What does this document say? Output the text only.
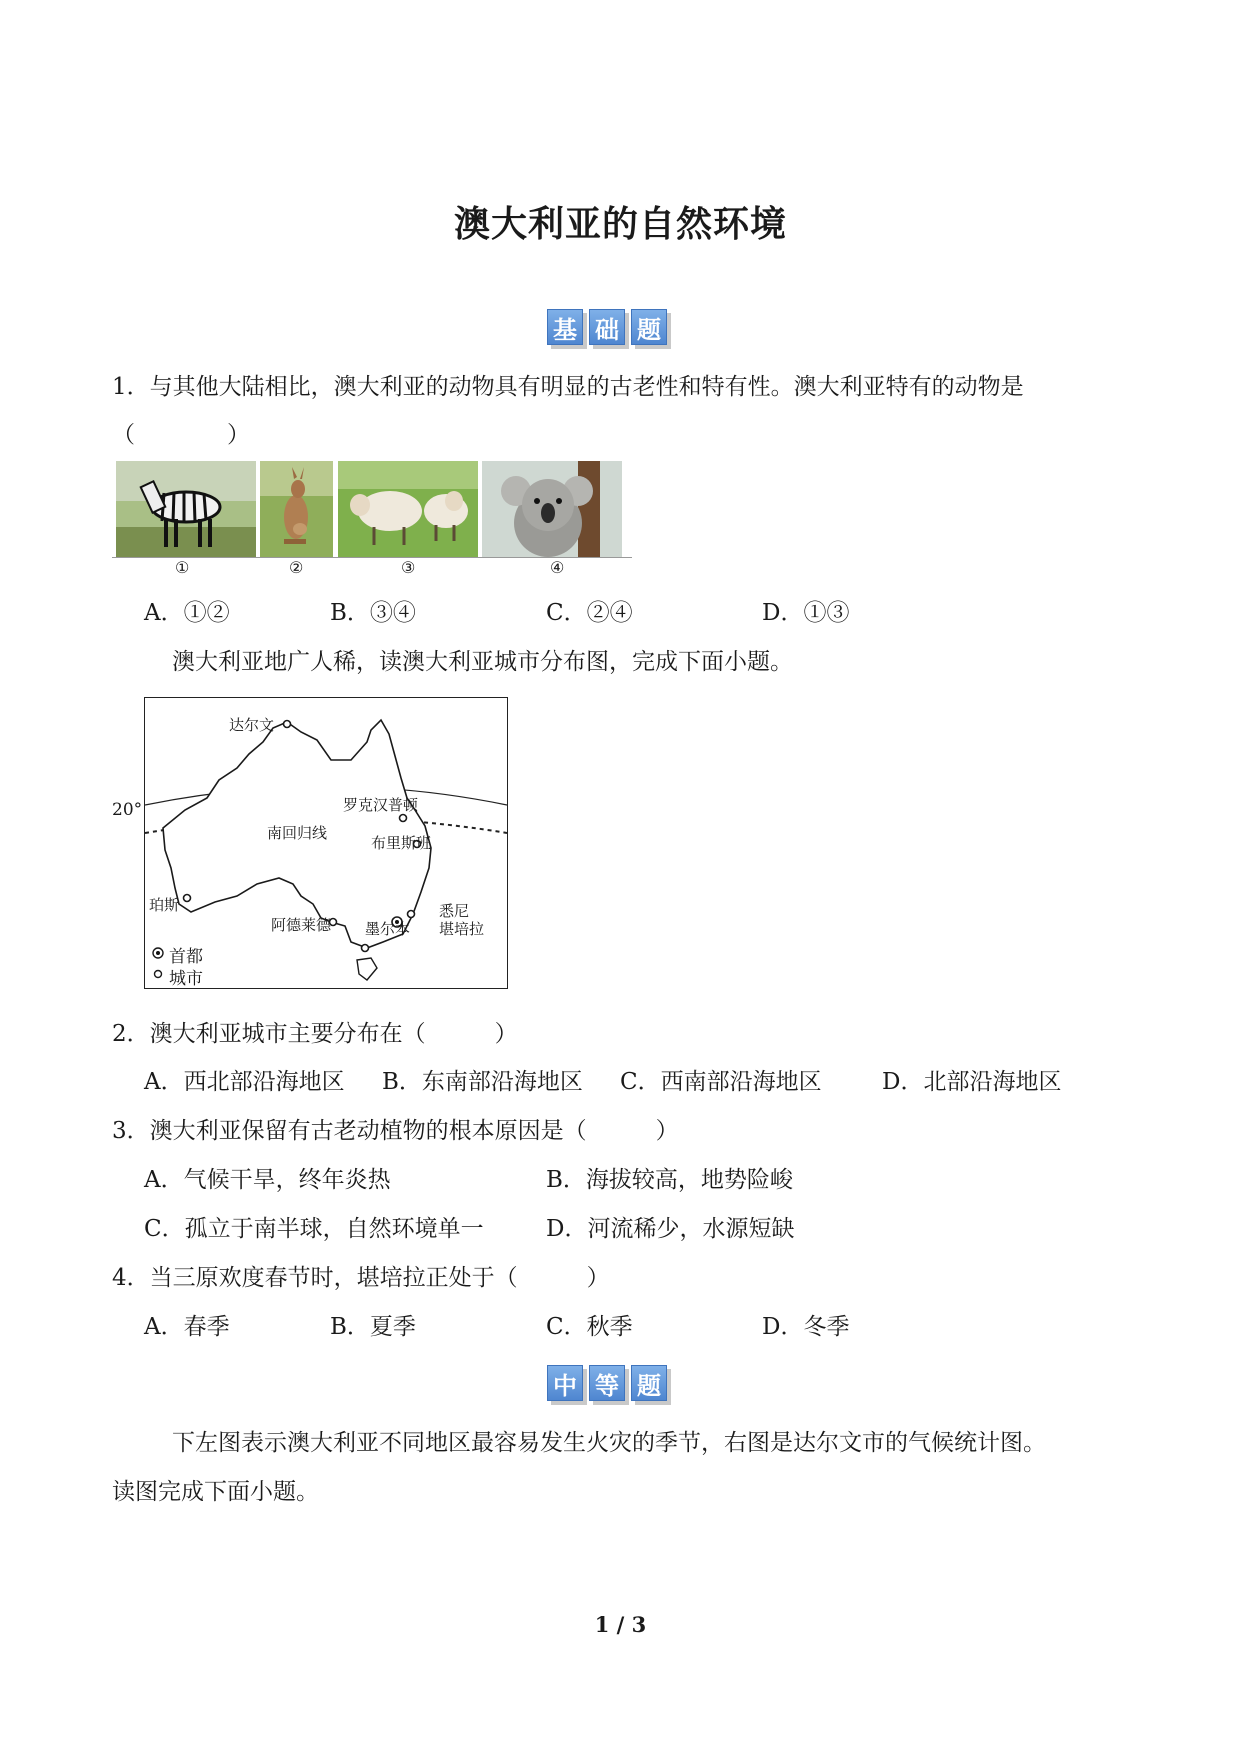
澳大利亚的自然环境
基 础 题
1．与其他大陆相比，澳大利亚的动物具有明显的古老性和特有性。澳大利亚特有的动物是
（　　　　）
①	②	③	④
A．①②	B．③④	C．②④	D．①③
澳大利亚地广人稀，读澳大利亚城市分布图，完成下面小题。
20°
达尔文
罗克汉普顿
布里斯班
南回归线
珀斯
阿德莱德 墨尔本
悉尼
堪培拉
首都
城市
2．澳大利亚城市主要分布在（　　　）
A．西北部沿海地区 B．东南部沿海地区 C．西南部沿海地区	D．北部沿海地区
3．澳大利亚保留有古老动植物的根本原因是（　　　）
A．气候干旱，终年炎热	B．海拔较高，地势险峻
C．孤立于南半球，自然环境单一	D．河流稀少，水源短缺
4．当三原欢度春节时，堪培拉正处于（　　　）
A．春季	B．夏季	C．秋季	D．冬季
中 等 题
下左图表示澳大利亚不同地区最容易发生火灾的季节，右图是达尔文市的气候统计图。
读图完成下面小题。
1 / 3
